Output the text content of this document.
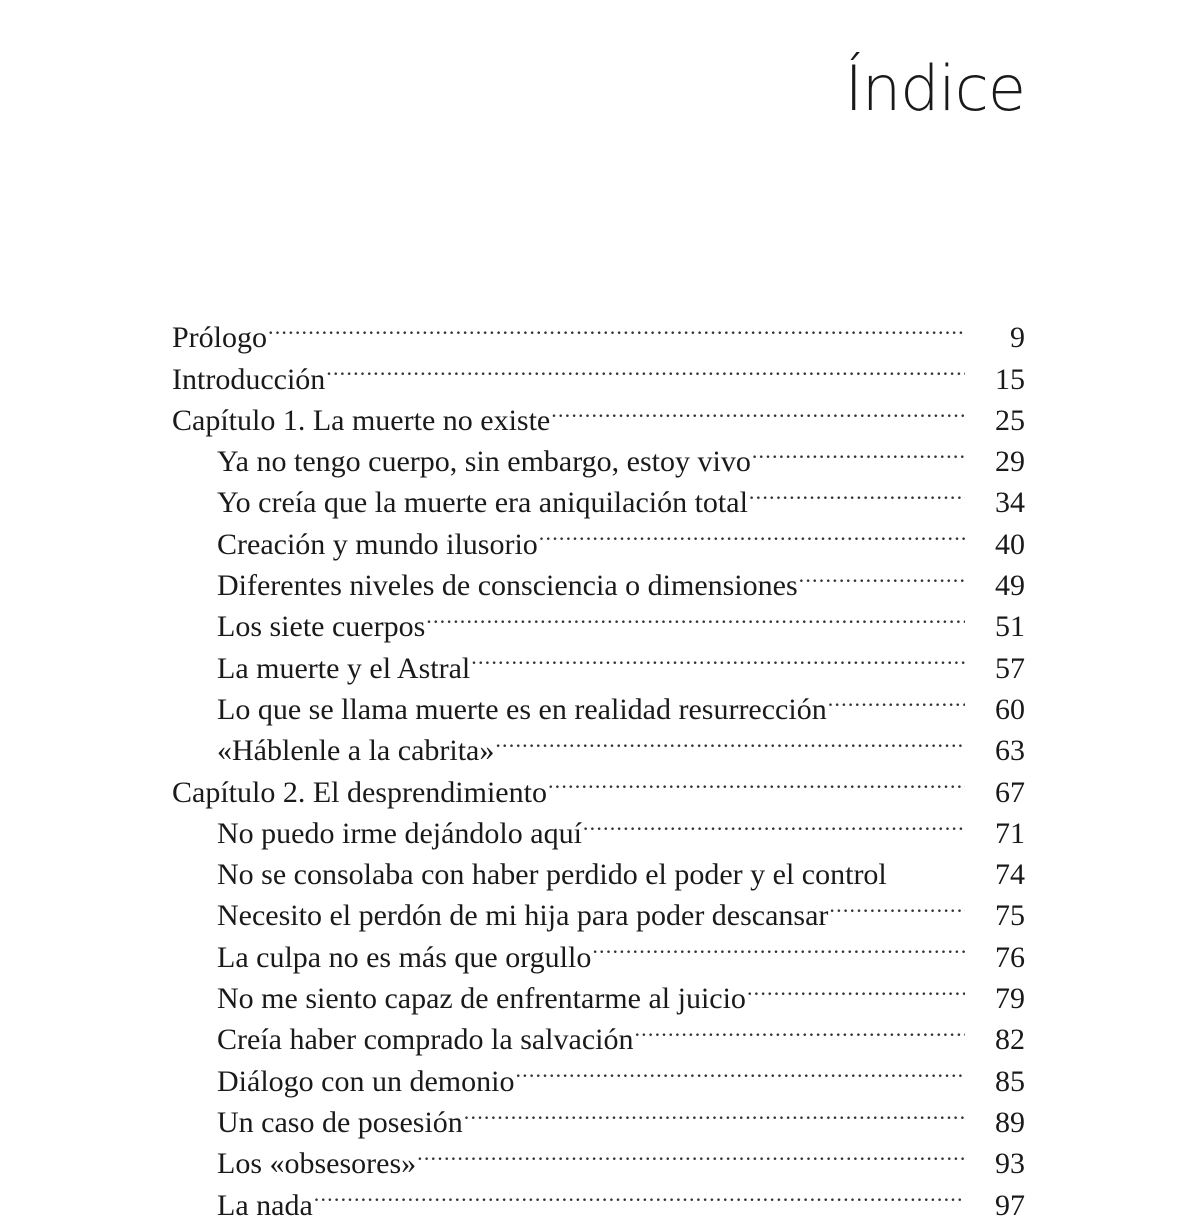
Índice
Prólogo .....	9
Introducción .....	15
Capítulo 1. La muerte no existe .....	25
Ya no tengo cuerpo, sin embargo, estoy vivo .....	29
Yo creía que la muerte era aniquilación total .....	34
Creación y mundo ilusorio .....	40
Diferentes niveles de consciencia o dimensiones .....	49
Los siete cuerpos .....	51
La muerte y el Astral .....	57
Lo que se llama muerte es en realidad resurrección .....	60
«Háblenle a la cabrita» .....	63
Capítulo 2. El desprendimiento .....	67
No puedo irme dejándolo aquí .....	71
No se consolaba con haber perdido el poder y el control	74
Necesito el perdón de mi hija para poder descansar .....	75
La culpa no es más que orgullo .....	76
No me siento capaz de enfrentarme al juicio .....	79
Creía haber comprado la salvación .....	82
Diálogo con un demonio .....	85
Un caso de posesión .....	89
Los «obsesores» .....	93
La nada .....	97
